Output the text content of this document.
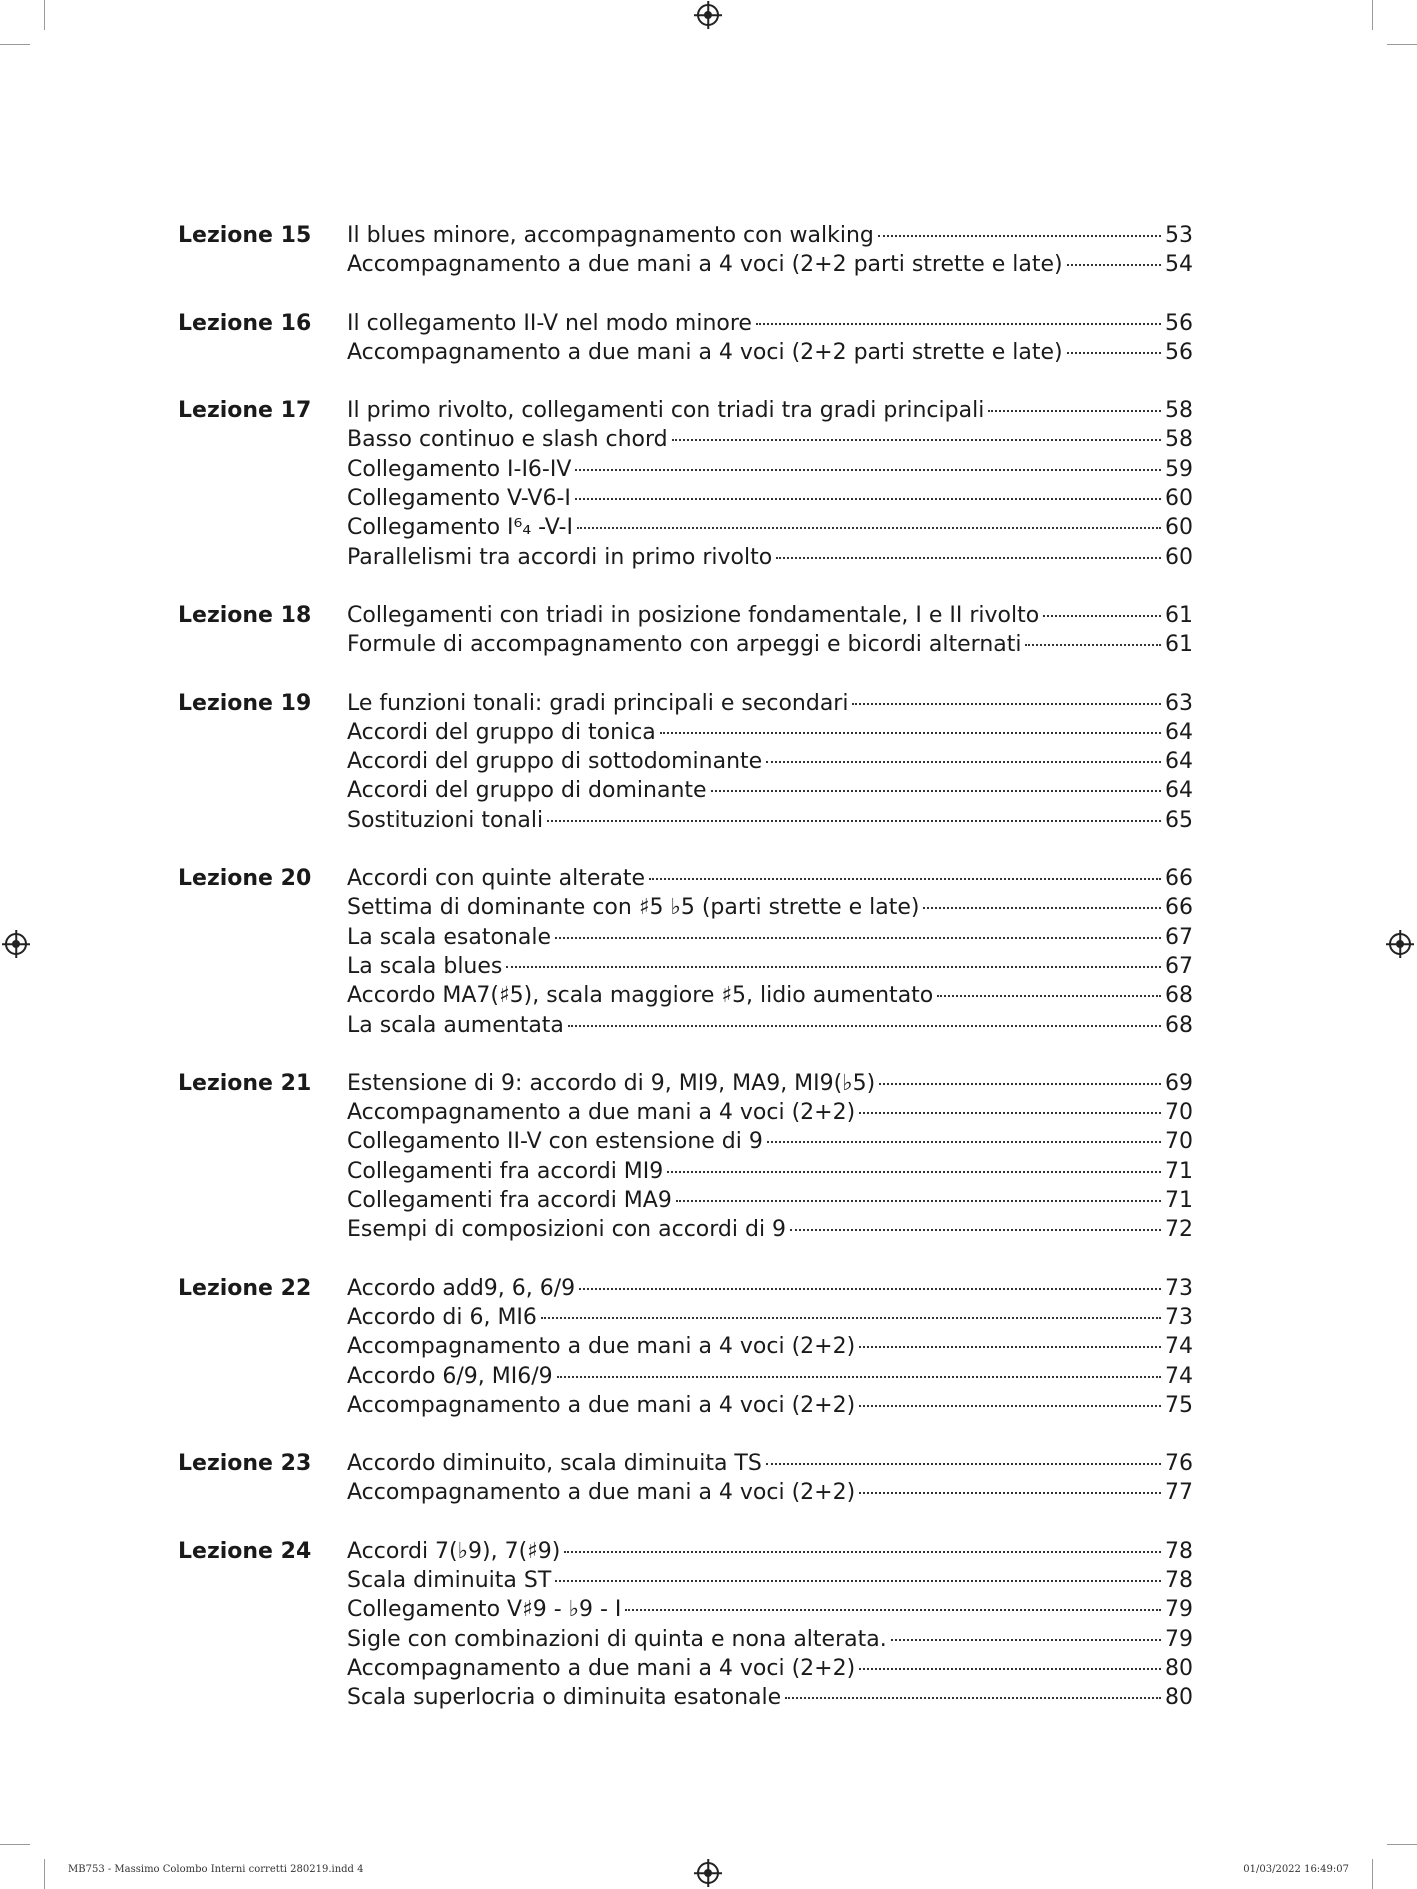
Lezione 15	Il blues minore, accompagnamento con walking	53
Accompagnamento a due mani a 4 voci (2+2 parti strette e late)	54
Lezione 16	Il collegamento II-V nel modo minore	56
Accompagnamento a due mani a 4 voci (2+2 parti strette e late)	56
Lezione 17	Il primo rivolto, collegamenti con triadi tra gradi principali	58
Basso continuo e slash chord	58
Collegamento I-I6-IV	59
Collegamento V-V6-I	60
Collegamento I⁶₄ -V-I	60
Parallelismi tra accordi in primo rivolto	60
Lezione 18	Collegamenti con triadi in posizione fondamentale, I e II rivolto	61
Formule di accompagnamento con arpeggi e bicordi alternati	61
Lezione 19	Le funzioni tonali: gradi principali e secondari	63
Accordi del gruppo di tonica	64
Accordi del gruppo di sottodominante	64
Accordi del gruppo di dominante	64
Sostituzioni tonali	65
Lezione 20	Accordi con quinte alterate	66
Settima di dominante con ♯5 ♭5 (parti strette e late)	66
La scala esatonale	67
La scala blues	67
Accordo MA7(♯5), scala maggiore ♯5, lidio aumentato	68
La scala aumentata	68
Lezione 21	Estensione di 9: accordo di 9, MI9, MA9, MI9(♭5)	69
Accompagnamento a due mani a 4 voci (2+2)	70
Collegamento II-V con estensione di 9	70
Collegamenti fra accordi MI9	71
Collegamenti fra accordi MA9	71
Esempi di composizioni con accordi di 9	72
Lezione 22	Accordo add9, 6, 6/9	73
Accordo di 6, MI6	73
Accompagnamento a due mani a 4 voci (2+2)	74
Accordo 6/9, MI6/9	74
Accompagnamento a due mani a 4 voci (2+2)	75
Lezione 23	Accordo diminuito, scala diminuita TS	76
Accompagnamento a due mani a 4 voci (2+2)	77
Lezione 24	Accordi 7(♭9), 7(♯9)	78
Scala diminuita ST	78
Collegamento V♯9 - ♭9 - I	79
Sigle con combinazioni di quinta e nona alterata.	79
Accompagnamento a due mani a 4 voci (2+2)	80
Scala superlocria o diminuita esatonale	80
MB753 - Massimo Colombo Interni corretti 280219.indd 4	01/03/2022 16:49:07
